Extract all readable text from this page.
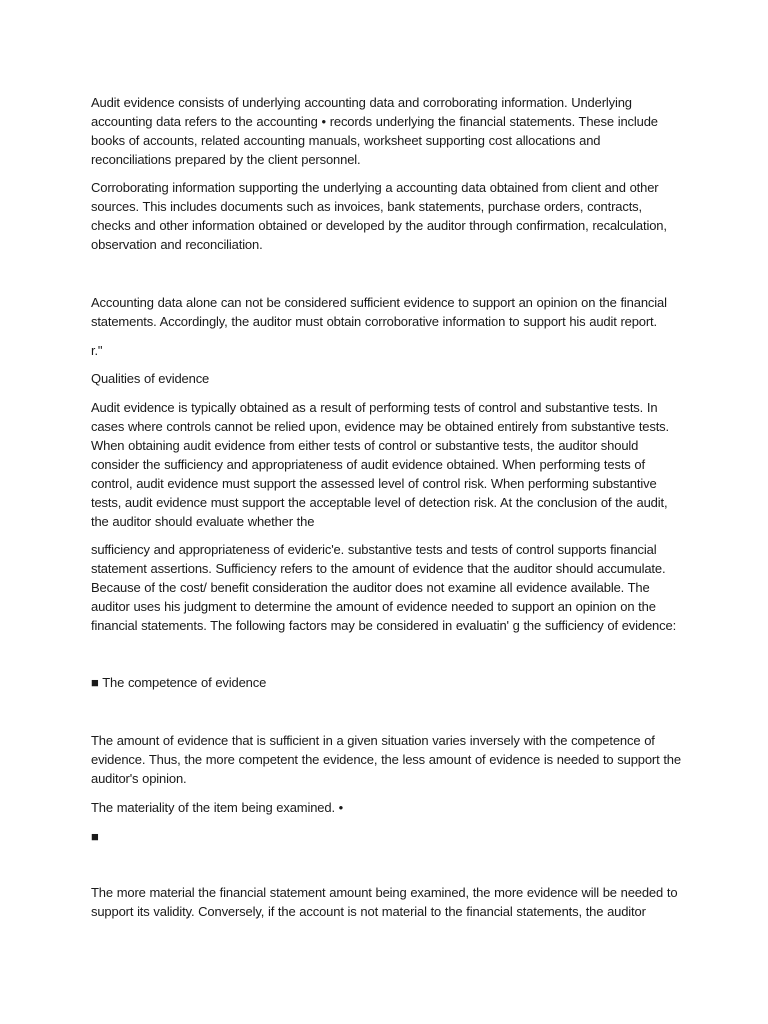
Audit evidence consists of underlying accounting data and corroborating information. Underlying accounting data refers to the accounting • records underlying the financial statements. These include books of accounts, related accounting manuals, worksheet supporting cost allocations and reconciliations prepared by the client personnel.

Corroborating information supporting the underlying a accounting data obtained from client and other sources. This includes documents such as invoices, bank statements, purchase orders, contracts, checks and other information obtained or developed by the auditor through confirmation, recalculation, observation and reconciliation.

Accounting data alone can not be considered sufficient evidence to support an opinion on the financial statements. Accordingly, the auditor must obtain corroborative information to support his audit report.

r."

Qualities of evidence

Audit evidence is typically obtained as a result of performing tests of control and substantive tests. In cases where controls cannot be relied upon, evidence may be obtained entirely from substantive tests. When obtaining audit evidence from either tests of control or substantive tests, the auditor should consider the sufficiency and appropriateness of audit evidence obtained. When performing tests of control, audit evidence must support the assessed level of control risk. When performing substantive tests, audit evidence must support the acceptable level of detection risk. At the conclusion of the audit, the auditor should evaluate whether the

sufficiency and appropriateness of evideric'e. substantive tests and tests of control supports financial statement assertions. Sufficiency refers to the amount of evidence that the auditor should accumulate. Because of the cost/ benefit consideration the auditor does not examine all evidence available. The auditor uses his judgment to determine the amount of evidence needed to support an opinion on the financial statements. The following factors may be considered in evaluatin' g the sufficiency of evidence:

■ The competence of evidence

The amount of evidence that is sufficient in a given situation varies inversely with the competence of evidence. Thus, the more competent the evidence, the less amount of evidence is needed to support the auditor's opinion.

The materiality of the item being examined. •

■

The more material the financial statement amount being examined, the more evidence will be needed to support its validity. Conversely, if the account is not material to the financial statements, the auditor
